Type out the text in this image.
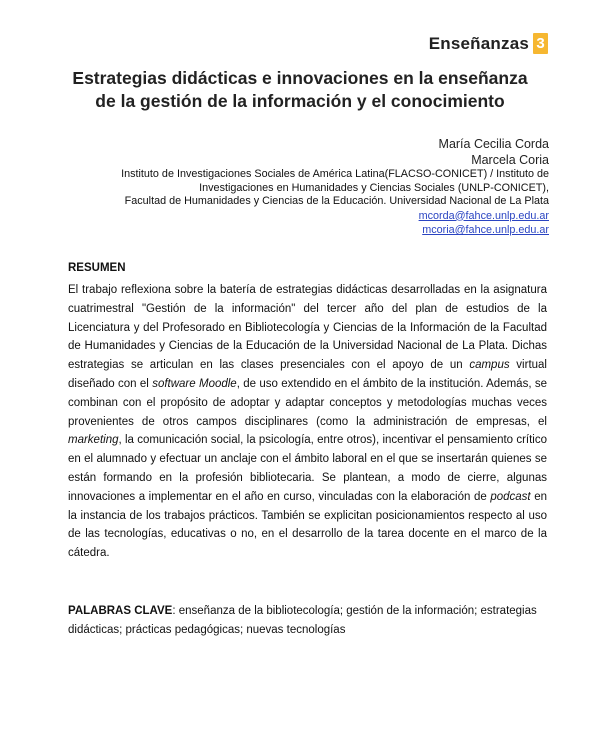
Enseñanzas 3
Estrategias didácticas e innovaciones en la enseñanza de la gestión de la información y el conocimiento
María Cecilia Corda
Marcela Coria
Instituto de Investigaciones Sociales de América Latina(FLACSO-CONICET) / Instituto de
Investigaciones en Humanidades y Ciencias Sociales (UNLP-CONICET),
Facultad de Humanidades y Ciencias de la Educación. Universidad Nacional de La Plata
mcorda@fahce.unlp.edu.ar
mcoria@fahce.unlp.edu.ar
RESUMEN

El trabajo reflexiona sobre la batería de estrategias didácticas desarrolladas en la asignatura cuatrimestral "Gestión de la información" del tercer año del plan de estudios de la Licenciatura y del Profesorado en Bibliotecología y Ciencias de la Información de la Facultad de Humanidades y Ciencias de la Educación de la Universidad Nacional de La Plata. Dichas estrategias se articulan en las clases presenciales con el apoyo de un campus virtual diseñado con el software Moodle, de uso extendido en el ámbito de la institución. Además, se combinan con el propósito de adoptar y adaptar conceptos y metodologías muchas veces provenientes de otros campos disciplinares (como la administración de empresas, el marketing, la comunicación social, la psicología, entre otros), incentivar el pensamiento crítico en el alumnado y efectuar un anclaje con el ámbito laboral en el que se insertarán quienes se están formando en la profesión bibliotecaria. Se plantean, a modo de cierre, algunas innovaciones a implementar en el año en curso, vinculadas con la elaboración de podcast en la instancia de los trabajos prácticos. También se explicitan posicionamientos respecto al uso de las tecnologías, educativas o no, en el desarrollo de la tarea docente en el marco de la cátedra.

PALABRAS CLAVE: enseñanza de la bibliotecología; gestión de la información; estrategias didácticas; prácticas pedagógicas; nuevas tecnologías
